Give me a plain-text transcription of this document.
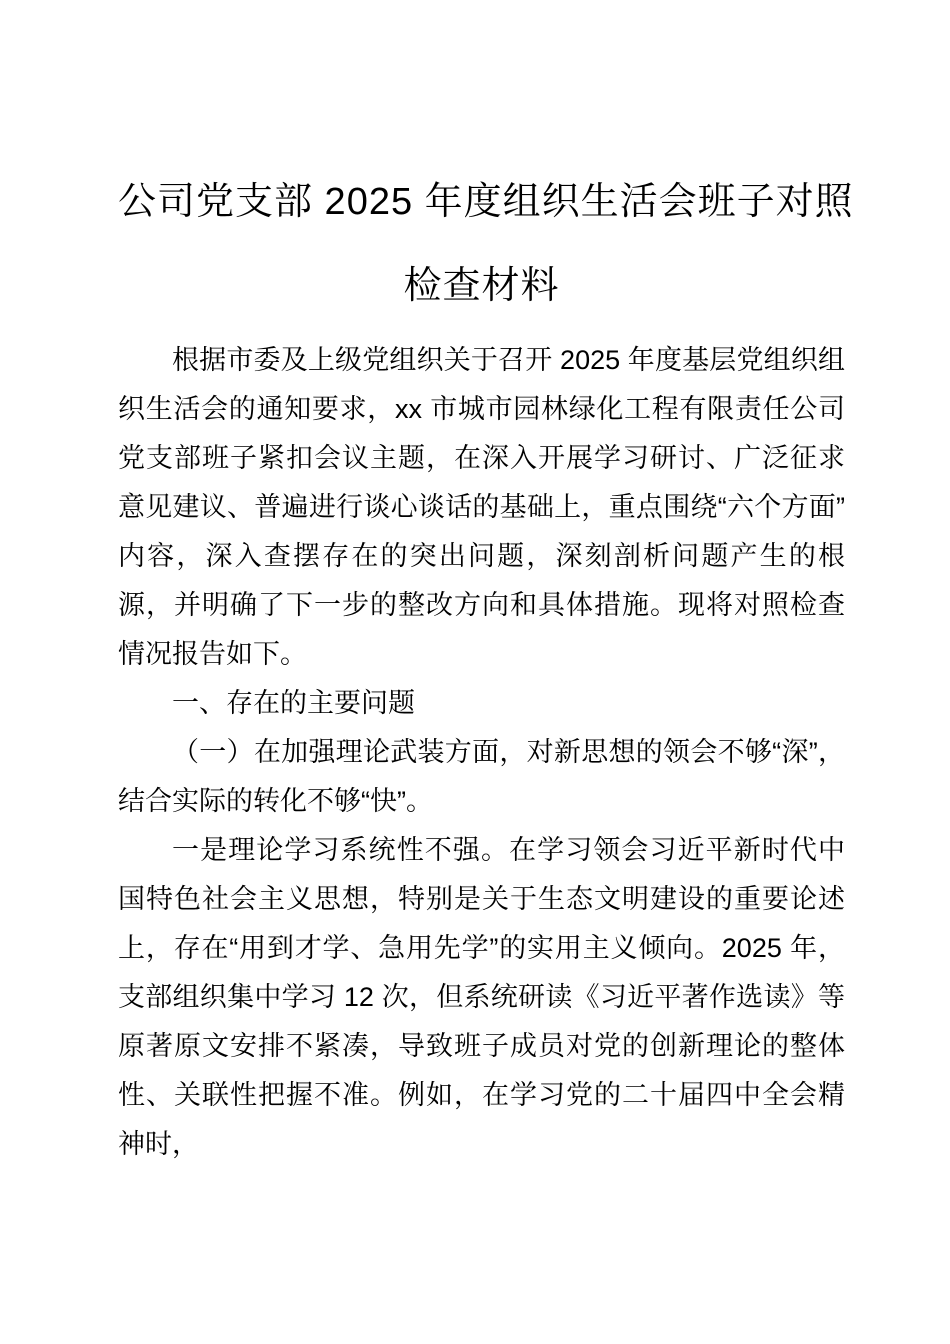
公司党支部 2025 年度组织生活会班子对照
检查材料

根据市委及上级党组织关于召开 2025 年度基层党组织组织生活会的通知要求，xx 市城市园林绿化工程有限责任公司党支部班子紧扣会议主题，在深入开展学习研讨、广泛征求意见建议、普遍进行谈心谈话的基础上，重点围绕“六个方面”内容，深入查摆存在的突出问题，深刻剖析问题产生的根源，并明确了下一步的整改方向和具体措施。现将对照检查情况报告如下。

一、存在的主要问题

（一）在加强理论武装方面，对新思想的领会不够“深”，结合实际的转化不够“快”。

一是理论学习系统性不强。在学习领会习近平新时代中国特色社会主义思想，特别是关于生态文明建设的重要论述上，存在“用到才学、急用先学”的实用主义倾向。2025 年，支部组织集中学习 12 次，但系统研读《习近平著作选读》等原著原文安排不紧凑，导致班子成员对党的创新理论的整体性、关联性把握不准。例如，在学习党的二十届四中全会精神时，
